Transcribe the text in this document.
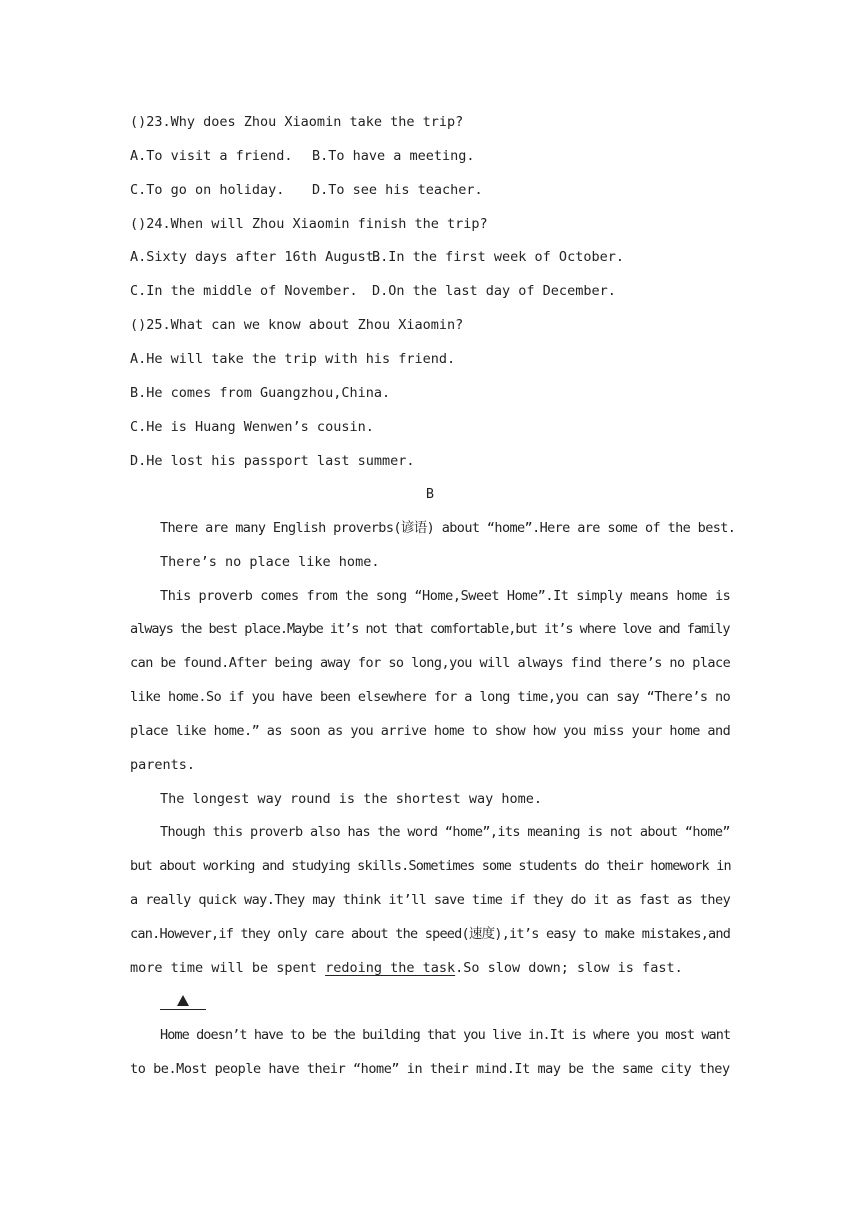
()23.Why does Zhou Xiaomin take the trip?
A.To visit a friend. B.To have a meeting.
C.To go on holiday. D.To see his teacher.
()24.When will Zhou Xiaomin finish the trip?
A.Sixty days after 16th August.
B.In the first week of October.
C.In the middle of November. D.On the last day of December.
()25.What can we know about Zhou Xiaomin?
A.He will take the trip with his friend.
B.He comes from Guangzhou,China.
C.He is Huang Wenwen’s cousin.
D.He lost his passport last summer.
B
There are many English proverbs(谚语) about “home”.Here are some of the best.
There’s no place like home.
This proverb comes from the song “Home,Sweet Home”.It simply means home is
always the best place.Maybe it’s not that comfortable,but it’s where love and family
can be found.After being away for so long,you will always find there’s no place
like home.So if you have been elsewhere for a long time,you can say “There’s no
place like home.” as soon as you arrive home to show how you miss your home and
parents.
The longest way round is the shortest way home.
Though this proverb also has the word “home”,its meaning is not about “home”
but about working and studying skills.Sometimes some students do their homework in
a really quick way.They may think it’ll save time if they do it as fast as they
can.However,if they only care about the speed(速度),it’s easy to make mistakes,and
more time will be spent redoing the task.So slow down; slow is fast.
Home doesn’t have to be the building that you live in.It is where you most want
to be.Most people have their “home” in their mind.It may be the same city they
